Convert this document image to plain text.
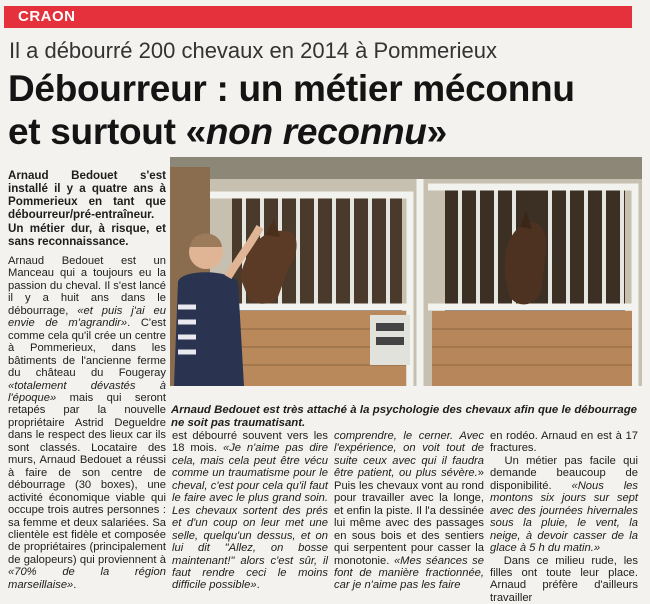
CRAON
Il a débourré 200 chevaux en 2014 à Pommerieux
Débourreur : un métier méconnu
et surtout «non reconnu»

Arnaud Bedouet s'est installé il y a quatre ans à Pommerieux en tant que débourreur/pré-entraîneur. Un métier dur, à risque, et sans reconnaissance.

Arnaud Bedouet est un Manceau qui a toujours eu la passion du cheval. Il s'est lancé il y a huit ans dans le débourrage, «et puis j'ai eu envie de m'agrandir». C'est comme cela qu'il crée un centre à Pommerieux, dans les bâtiments de l'ancienne ferme du château du Fougeray «totalement dévastés à l'époque» mais qui seront retapés par la nouvelle propriétaire Astrid Degueldre dans le respect des lieux car ils sont classés. Locataire des murs, Arnaud Bedouet a réussi à faire de son centre de débourrage (30 boxes), une activité économique viable qui occupe trois autres personnes : sa femme et deux salariées. Sa clientèle est fidèle et composée de propriétaires (principalement de galopeurs) qui proviennent à «70% de la région marseillaise».

Arnaud Bedouet est très attaché à la psychologie des chevaux afin que le débourrage ne soit pas traumatisant.

est débourré souvent vers les 18 mois. «Je n'aime pas dire cela, mais cela peut être vécu comme un traumatisme pour le cheval, c'est pour cela qu'il faut le faire avec le plus grand soin. Les chevaux sortent des prés et d'un coup on leur met une selle, quelqu'un dessus, et on lui dit "Allez, on bosse maintenant!" alors c'est sûr, il faut rendre ceci le moins difficile possible».

comprendre, le cerner. Avec l'expérience, on voit tout de suite ceux avec qui il faudra être patient, ou plus sévère.» Puis les chevaux vont au rond pour travailler avec la longe, et enfin la piste. Il l'a dessinée lui même avec des passages en sous bois et des sentiers qui serpentent pour casser la monotonie. «Mes séances se font de manière fractionnée, car je n'aime pas les faire

en rodéo. Arnaud en est à 17 fractures.

Un métier pas facile qui demande beaucoup de disponibilité. «Nous les montons six jours sur sept avec des journées hivernales sous la pluie, le vent, la neige, à devoir casser de la glace à 5 h du matin.»

Dans ce milieu rude, les filles ont toute leur place. Arnaud préfère d'ailleurs travailler
